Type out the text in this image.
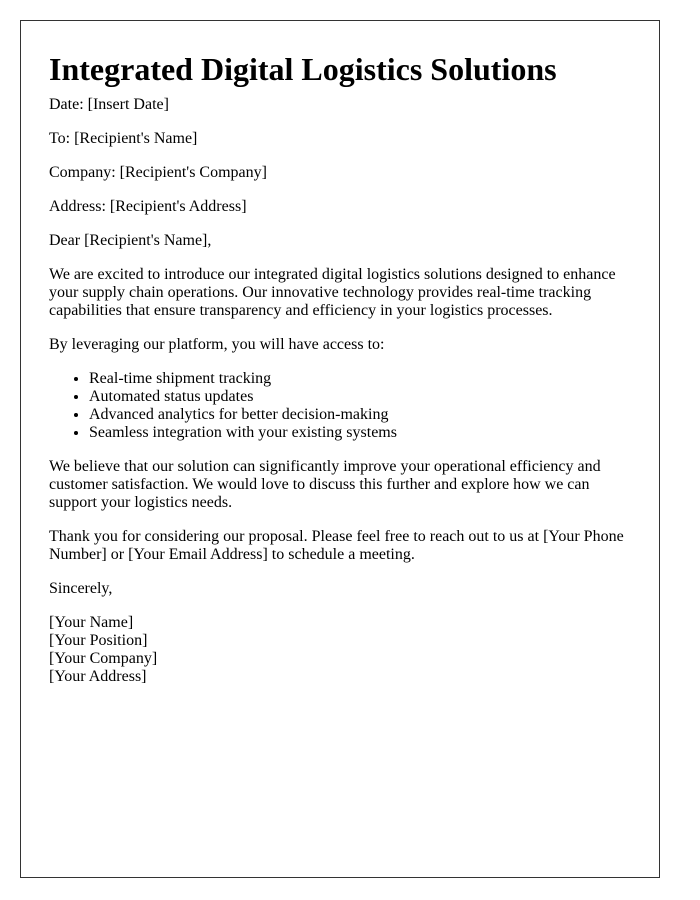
Integrated Digital Logistics Solutions

Date: [Insert Date]

To: [Recipient's Name]

Company: [Recipient's Company]

Address: [Recipient's Address]

Dear [Recipient's Name],

We are excited to introduce our integrated digital logistics solutions designed to enhance your supply chain operations. Our innovative technology provides real-time tracking capabilities that ensure transparency and efficiency in your logistics processes.

By leveraging our platform, you will have access to:

• Real-time shipment tracking
• Automated status updates
• Advanced analytics for better decision-making
• Seamless integration with your existing systems

We believe that our solution can significantly improve your operational efficiency and customer satisfaction. We would love to discuss this further and explore how we can support your logistics needs.

Thank you for considering our proposal. Please feel free to reach out to us at [Your Phone Number] or [Your Email Address] to schedule a meeting.

Sincerely,

[Your Name]
[Your Position]
[Your Company]
[Your Address]
